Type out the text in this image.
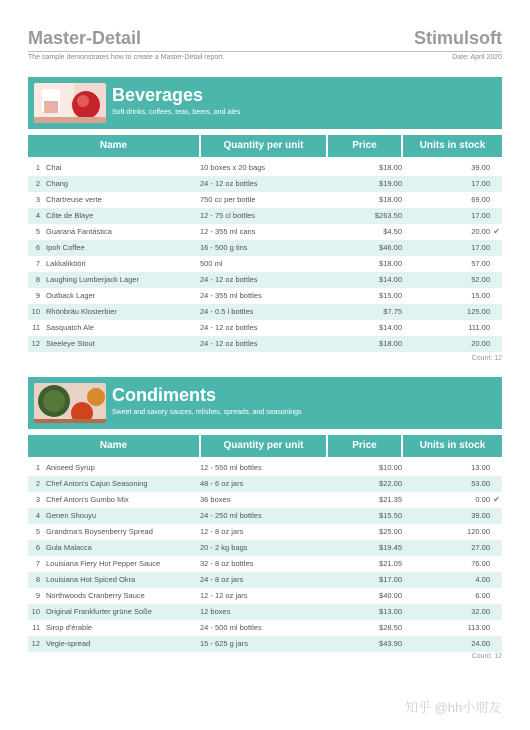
Master-Detail	Stimulsoft
The sample demonstrates how to create a Master-Detail report.	Date: April 2020
Beverages
Soft drinks, coffees, teas, beers, and ales
Name	Quantity per unit	Price	Units in stock
1 Chai	10 boxes x 20 bags	$18.00	39.00
2 Chang	24 - 12 oz bottles	$19.00	17.00
3 Chartreuse verte	750 cc per bottle	$18.00	69.00
4 Côte de Blaye	12 - 75 cl bottles	$263.50	17.00
5 Guaraná Fantástica	12 - 355 ml cans	$4.50	20.00 ✔
6 Ipoh Coffee	16 - 500 g tins	$46.00	17.00
7 Lakkalikööri	500 ml	$18.00	57.00
8 Laughing Lumberjack Lager	24 - 12 oz bottles	$14.00	52.00
9 Outback Lager	24 - 355 ml bottles	$15.00	15.00
10 Rhönbräu Klosterbier	24 - 0.5 l bottles	$7.75	125.00
11 Sasquatch Ale	24 - 12 oz bottles	$14.00	111.00
12 Steeleye Stout	24 - 12 oz bottles	$18.00	20.00
Count: 12
Condiments
Sweet and savory sauces, relishes, spreads, and seasonings
Name	Quantity per unit	Price	Units in stock
1 Aniseed Syrup	12 - 550 ml bottles	$10.00	13.00
2 Chef Anton's Cajun Seasoning	48 - 6 oz jars	$22.00	53.00
3 Chef Anton's Gumbo Mix	36 boxes	$21.35	0.00 ✔
4 Genen Shouyu	24 - 250 ml bottles	$15.50	39.00
5 Grandma's Boysenberry Spread	12 - 8 oz jars	$25.00	120.00
6 Gula Malacca	20 - 2 kg bags	$19.45	27.00
7 Louisiana Fiery Hot Pepper Sauce	32 - 8 oz bottles	$21.05	76.00
8 Louisiana Hot Spiced Okra	24 - 8 oz jars	$17.00	4.00
9 Northwoods Cranberry Sauce	12 - 12 oz jars	$40.00	6.00
10 Original Frankfurter grüne Soße	12 boxes	$13.00	32.00
11 Sirop d'érable	24 - 500 ml bottles	$28.50	113.00
12 Vegie-spread	15 - 625 g jars	$43.90	24.00
Count: 12
知乎 @hh小朋友
